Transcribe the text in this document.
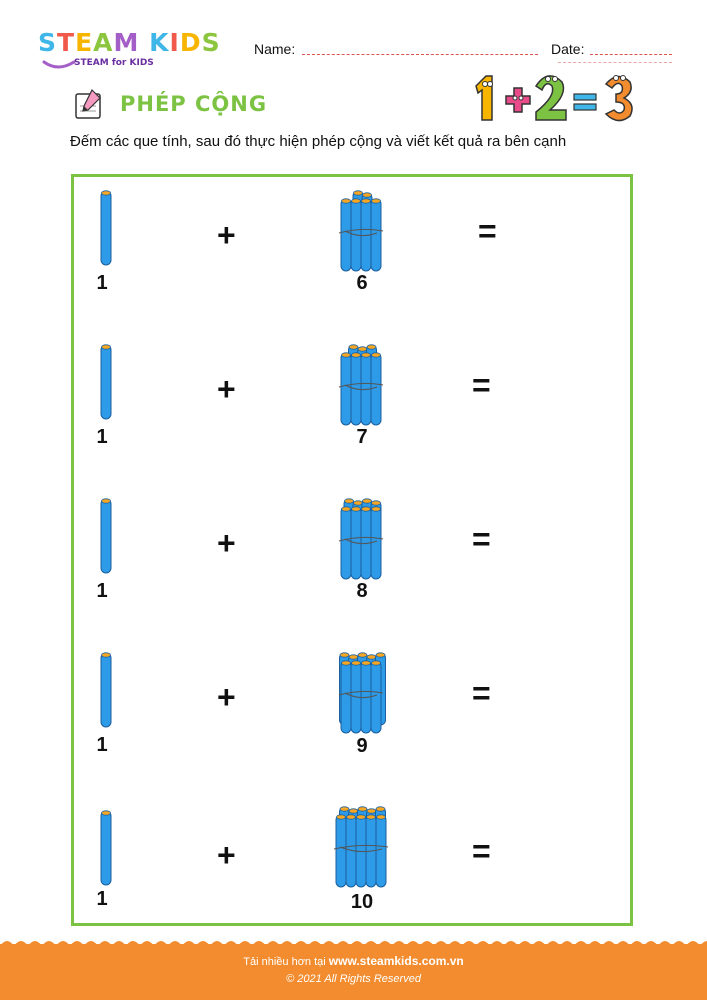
STEAM KIDS
STEAM for KIDS
Name:	Date:
PHÉP CỘNG
Đếm các que tính, sau đó thực hiện phép cộng và viết kết quả ra bên cạnh
1
+
6
=
1
+
7
=
1
+
8
=
1
+
9
=
1
+
10
=
Tải nhiều hơn tại www.steamkids.com.vn
© 2021 All Rights Reserved
